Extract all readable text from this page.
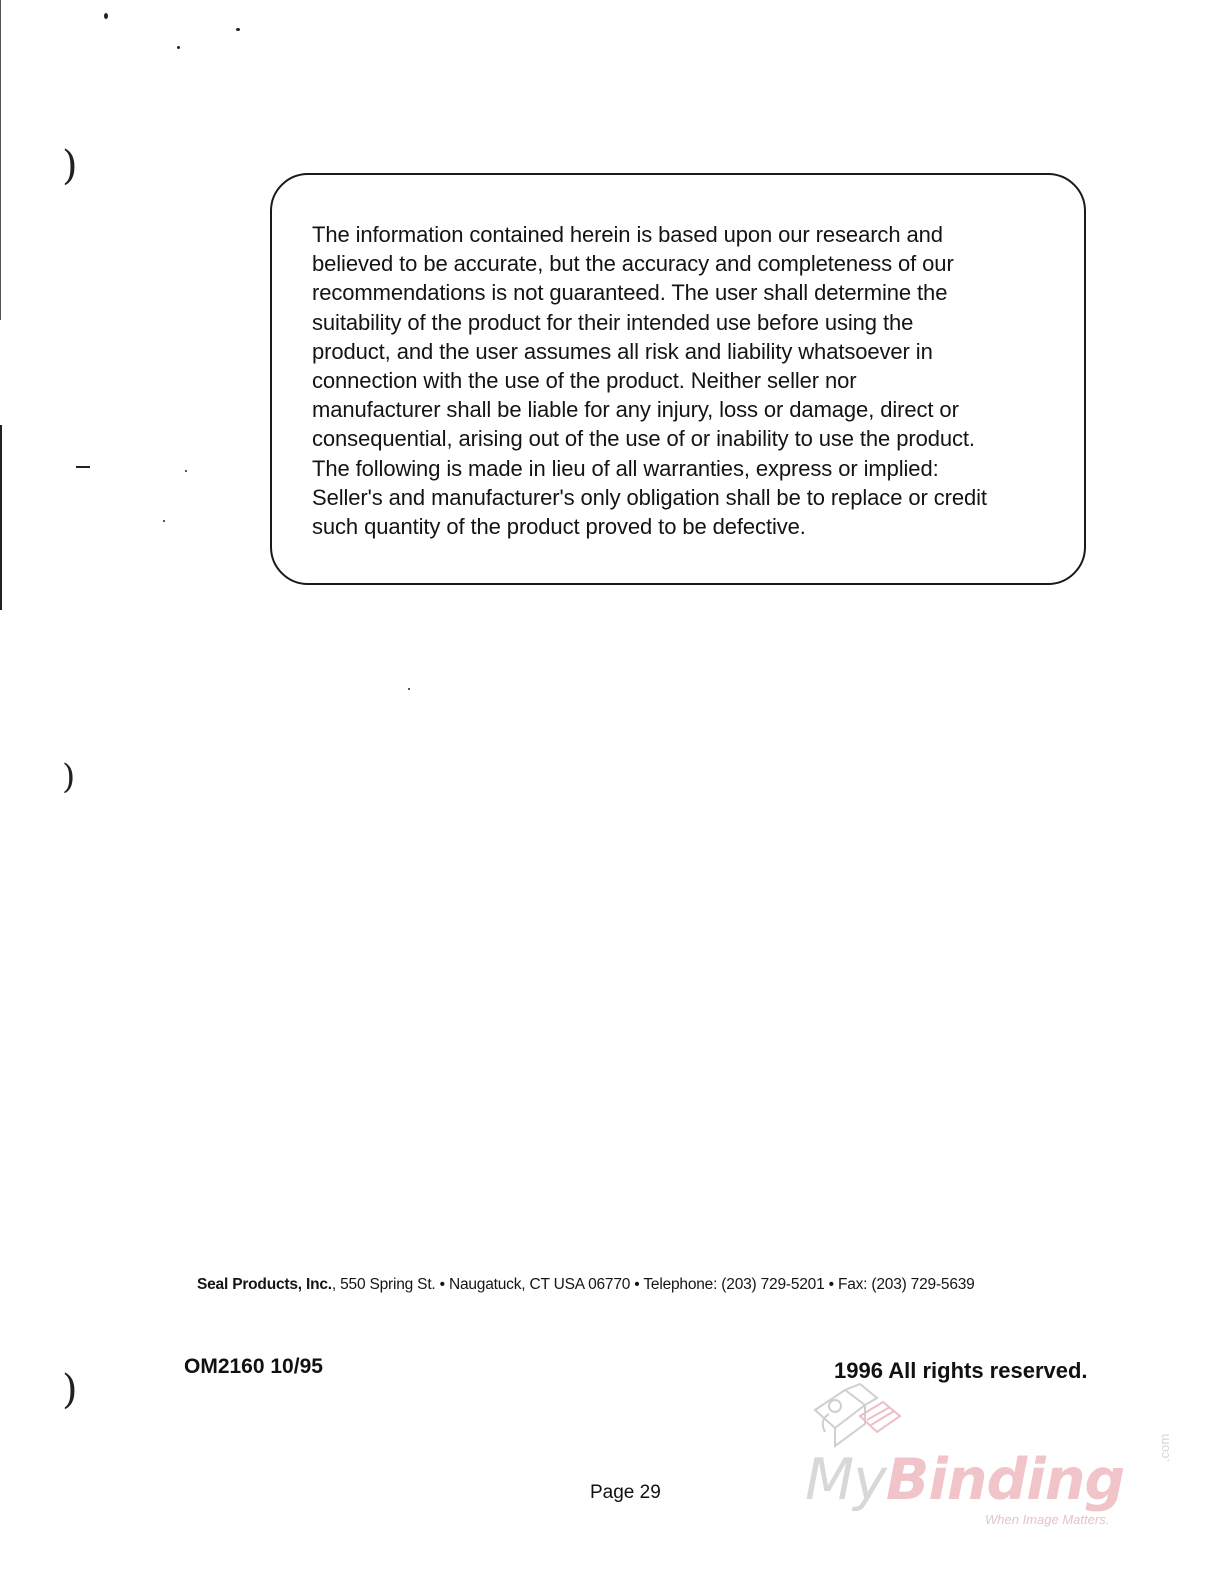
)
)
)
The information contained herein is based upon our research and
believed to be accurate, but the accuracy and completeness of our
recommendations is not guaranteed. The user shall determine the
suitability of the product for their intended use before using the
product, and the user assumes all risk and liability whatsoever in
connection with the use of the product. Neither seller nor
manufacturer shall be liable for any injury, loss or damage, direct or
consequential, arising out of the use of or inability to use the product.
The following is made in lieu of all warranties, express or implied:
Seller's and manufacturer's only obligation shall be to replace or credit
such quantity of the product proved to be defective.
Seal Products, Inc., 550 Spring St. • Naugatuck, CT USA 06770 • Telephone: (203) 729-5201 • Fax: (203) 729-5639
OM2160 10/95	1996 All rights reserved.
Page 29	MyBinding	.com
When Image Matters.
